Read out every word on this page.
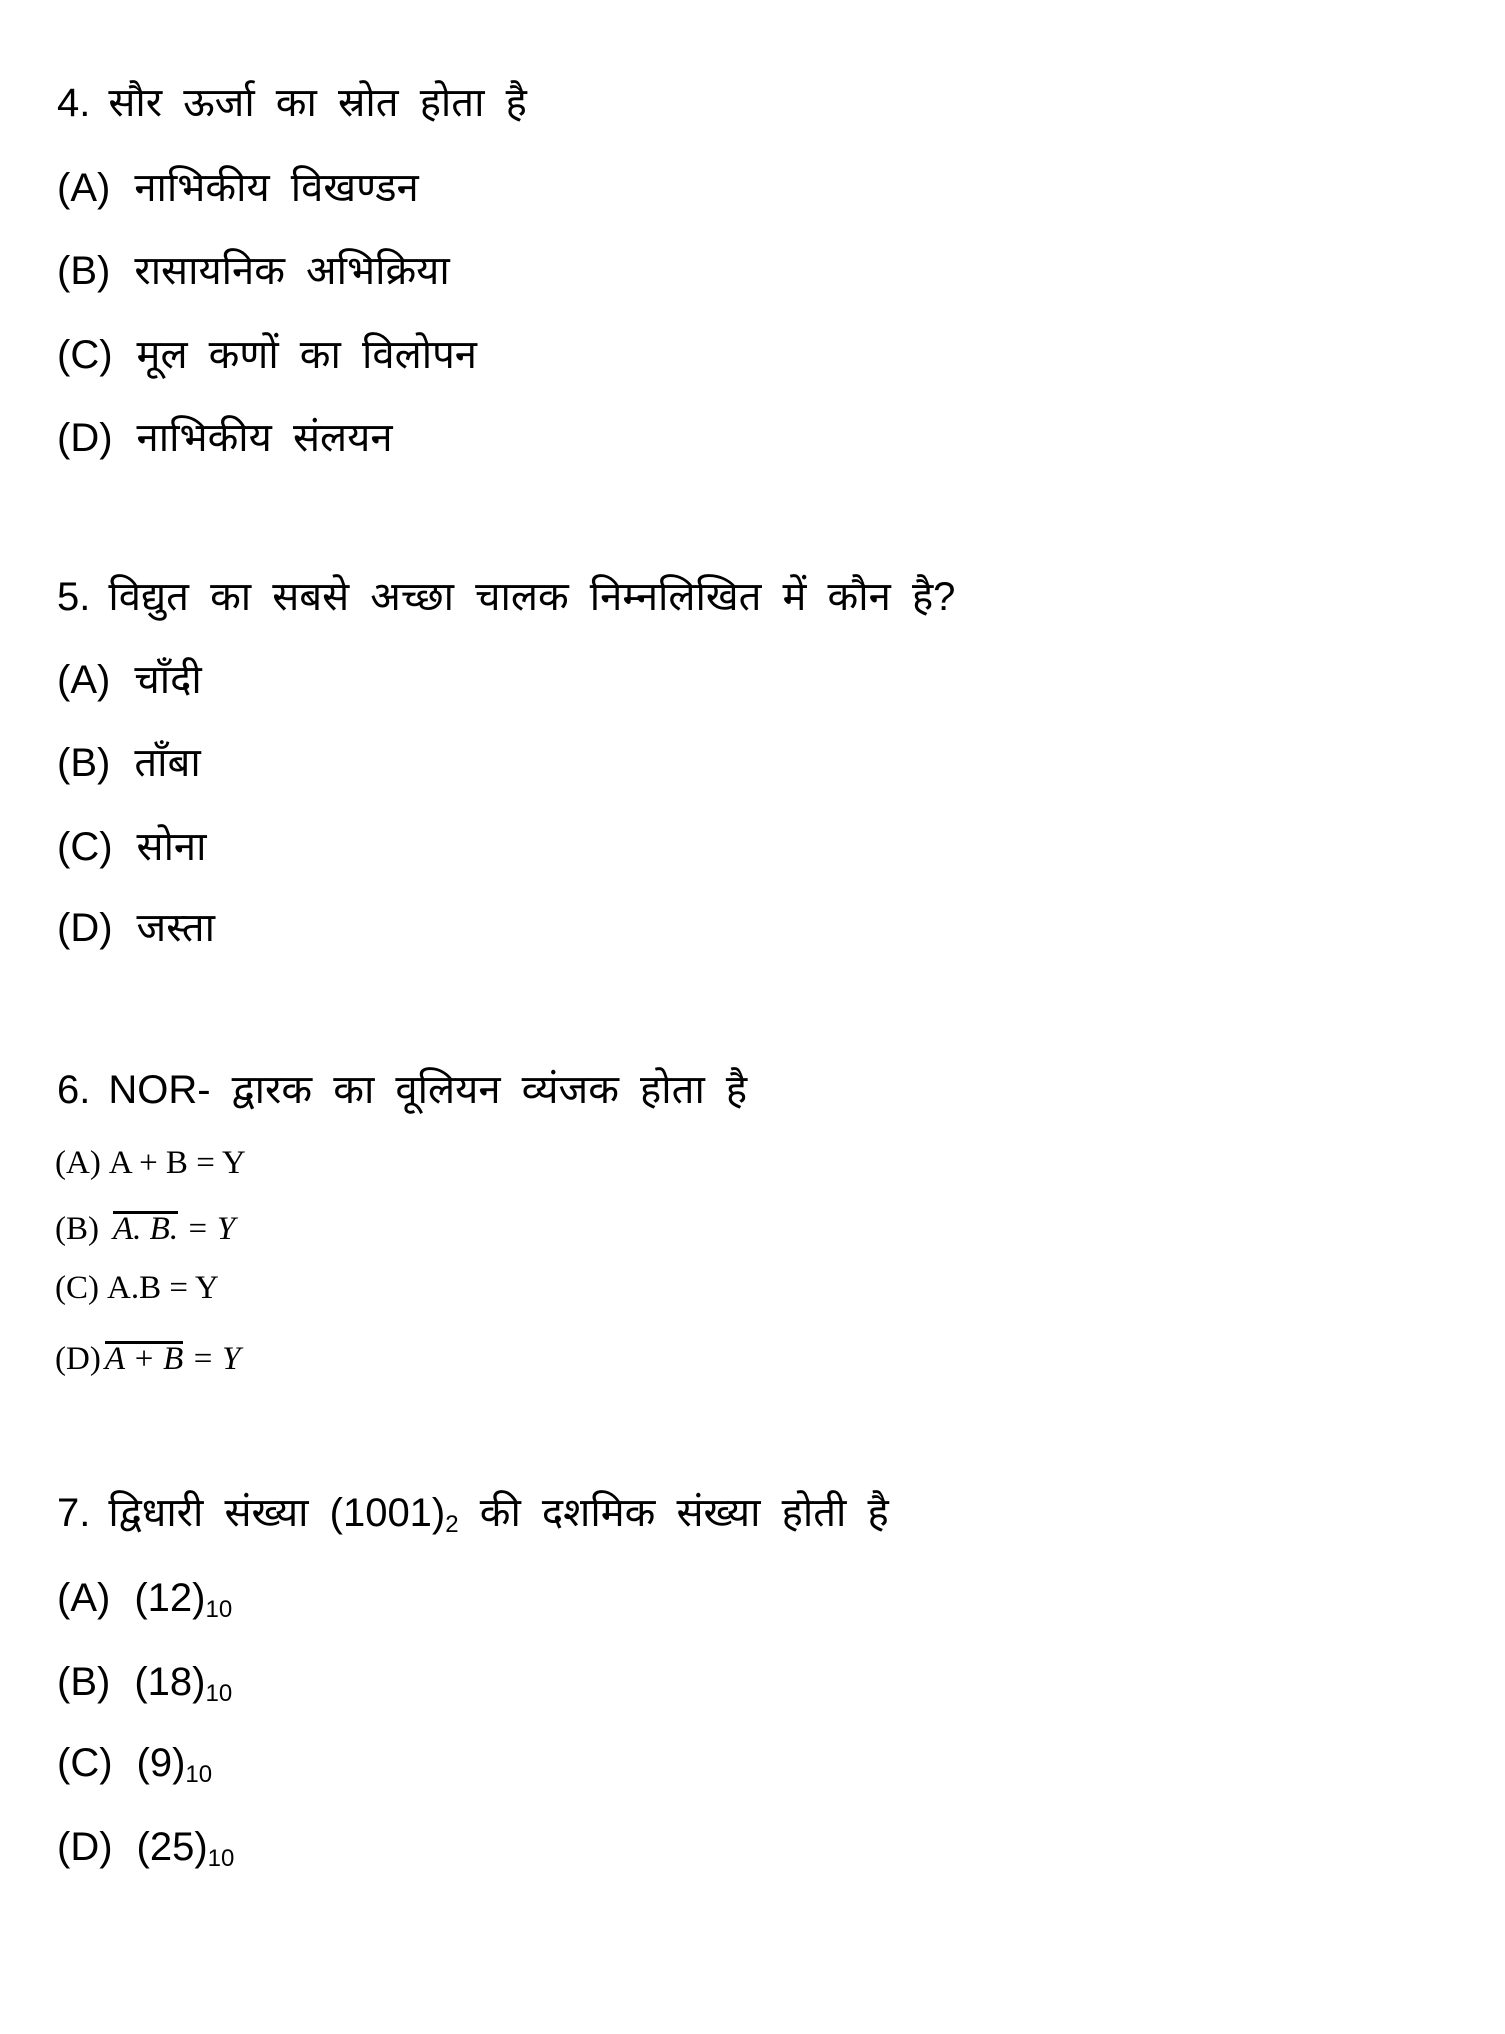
4. सौर ऊर्जा का स्रोत होता है
(A) नाभिकीय विखण्डन
(B) रासायनिक अभिक्रिया
(C) मूल कणों का विलोपन
(D) नाभिकीय संलयन
5. विद्युत का सबसे अच्छा चालक निम्नलिखित में कौन है?
(A) चाँदी
(B) ताँबा
(C) सोना
(D) जस्ता
6. NOR- द्वारक का वूलियन व्यंजक होता है
(A) A + B = Y
(B) A. B. = Y
(C) A.B = Y
(D) A + B = Y
7. द्विधारी संख्या $(1001)_2$ की दशमिक संख्या होती है
(A) $(12)_{10}$
(B) $(18)_{10}$
(C) $(9)_{10}$
(D) $(25)_{10}$
